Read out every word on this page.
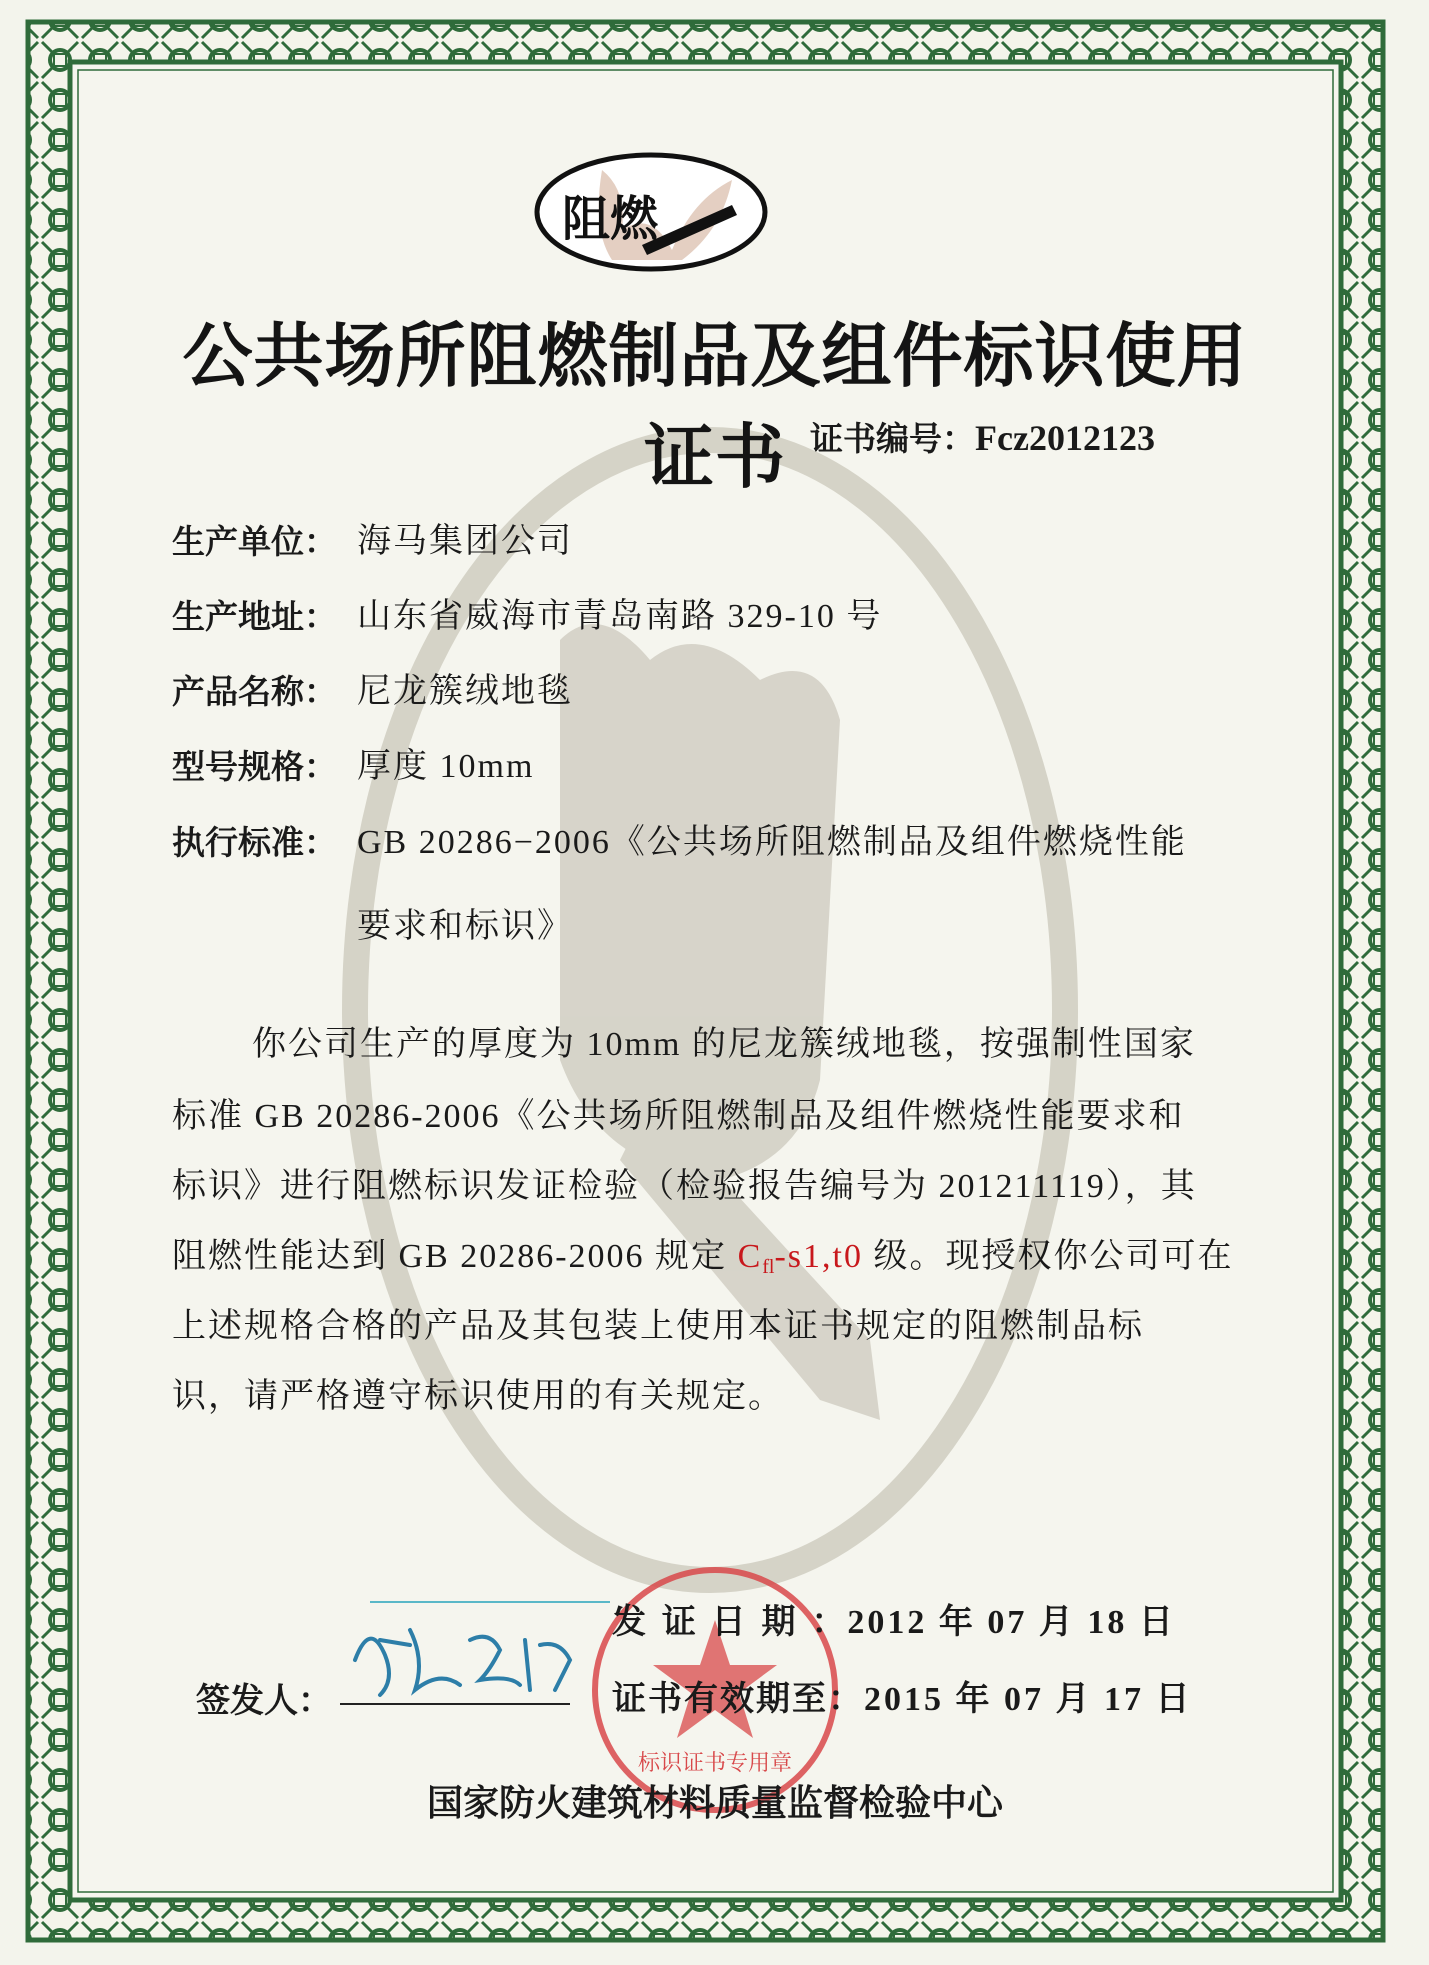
阻燃
公共场所阻燃制品及组件标识使用证书 证书编号：Fcz2012123
生产单位： 海马集团公司
生产地址： 山东省威海市青岛南路 329-10 号
产品名称： 尼龙簇绒地毯
型号规格： 厚度 10mm
执行标准： GB 20286−2006《公共场所阻燃制品及组件燃烧性能
要求和标识》
你公司生产的厚度为 10mm 的尼龙簇绒地毯，按强制性国家
标准 GB 20286-2006《公共场所阻燃制品及组件燃烧性能要求和
标识》进行阻燃标识发证检验（检验报告编号为 201211119），其
阻燃性能达到 GB 20286-2006 规定 $C_{fl}-s1,t0$ 级。现授权你公司可在
上述规格合格的产品及其包装上使用本证书规定的阻燃制品标
识，请严格遵守标识使用的有关规定。
标识证书专用章
发 证 日 期 ： 2012 年 07 月 18 日
证书有效期至： 2015 年 07 月 17 日
签发人：
国家防火建筑材料质量监督检验中心
